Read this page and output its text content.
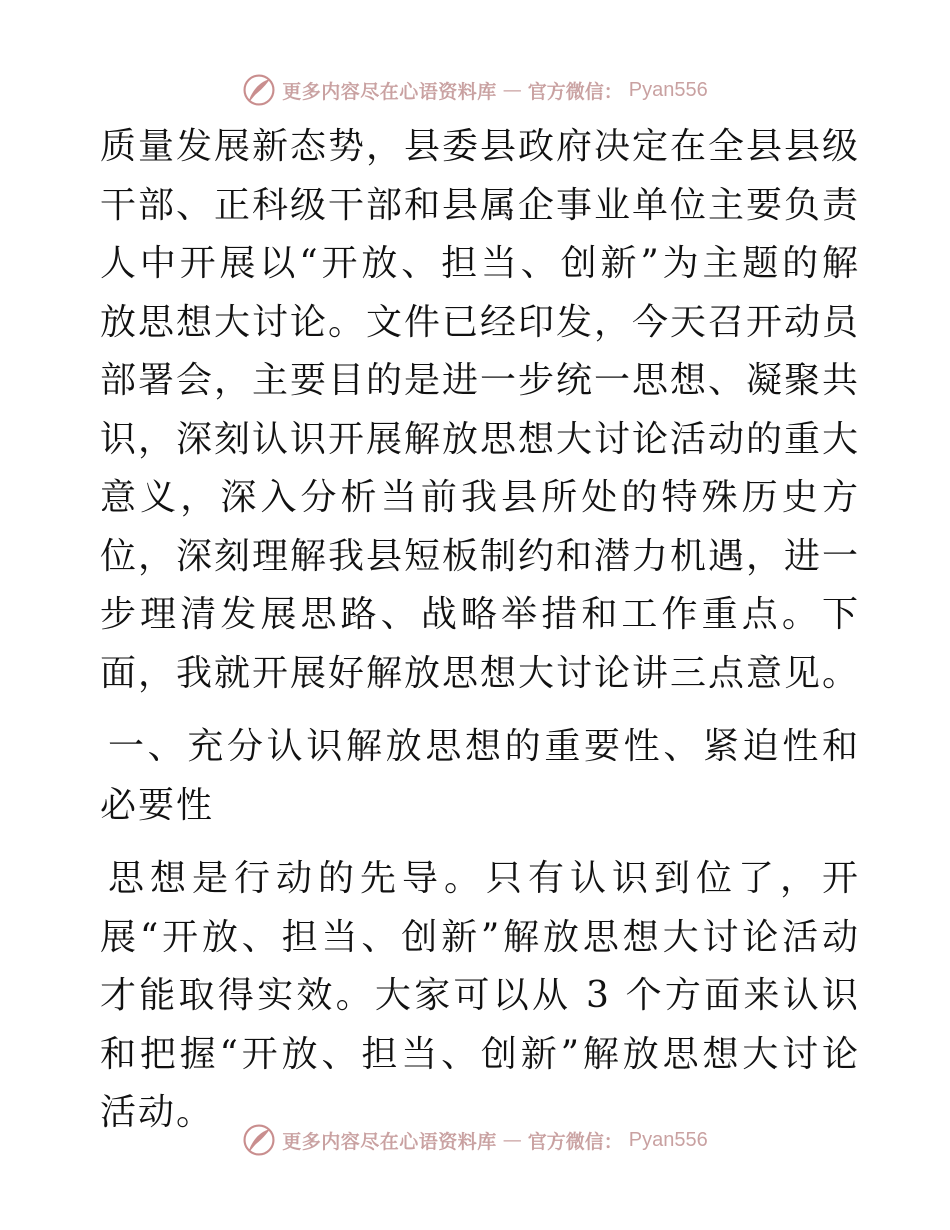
更多内容尽在心语资料库 — 官方微信： Pyan556

质量发展新态势，县委县政府决定在全县县级干部、正科级干部和县属企事业单位主要负责人中开展以“开放、担当、创新”为主题的解放思想大讨论。文件已经印发，今天召开动员部署会，主要目的是进一步统一思想、凝聚共识，深刻认识开展解放思想大讨论活动的重大意义，深入分析当前我县所处的特殊历史方位，深刻理解我县短板制约和潜力机遇，进一步理清发展思路、战略举措和工作重点。下面，我就开展好解放思想大讨论讲三点意见。

一、充分认识解放思想的重要性、紧迫性和必要性

思想是行动的先导。只有认识到位了，开展“开放、担当、创新”解放思想大讨论活动才能取得实效。大家可以从 3 个方面来认识和把握“开放、担当、创新”解放思想大讨论活动。

更多内容尽在心语资料库 — 官方微信： Pyan556
